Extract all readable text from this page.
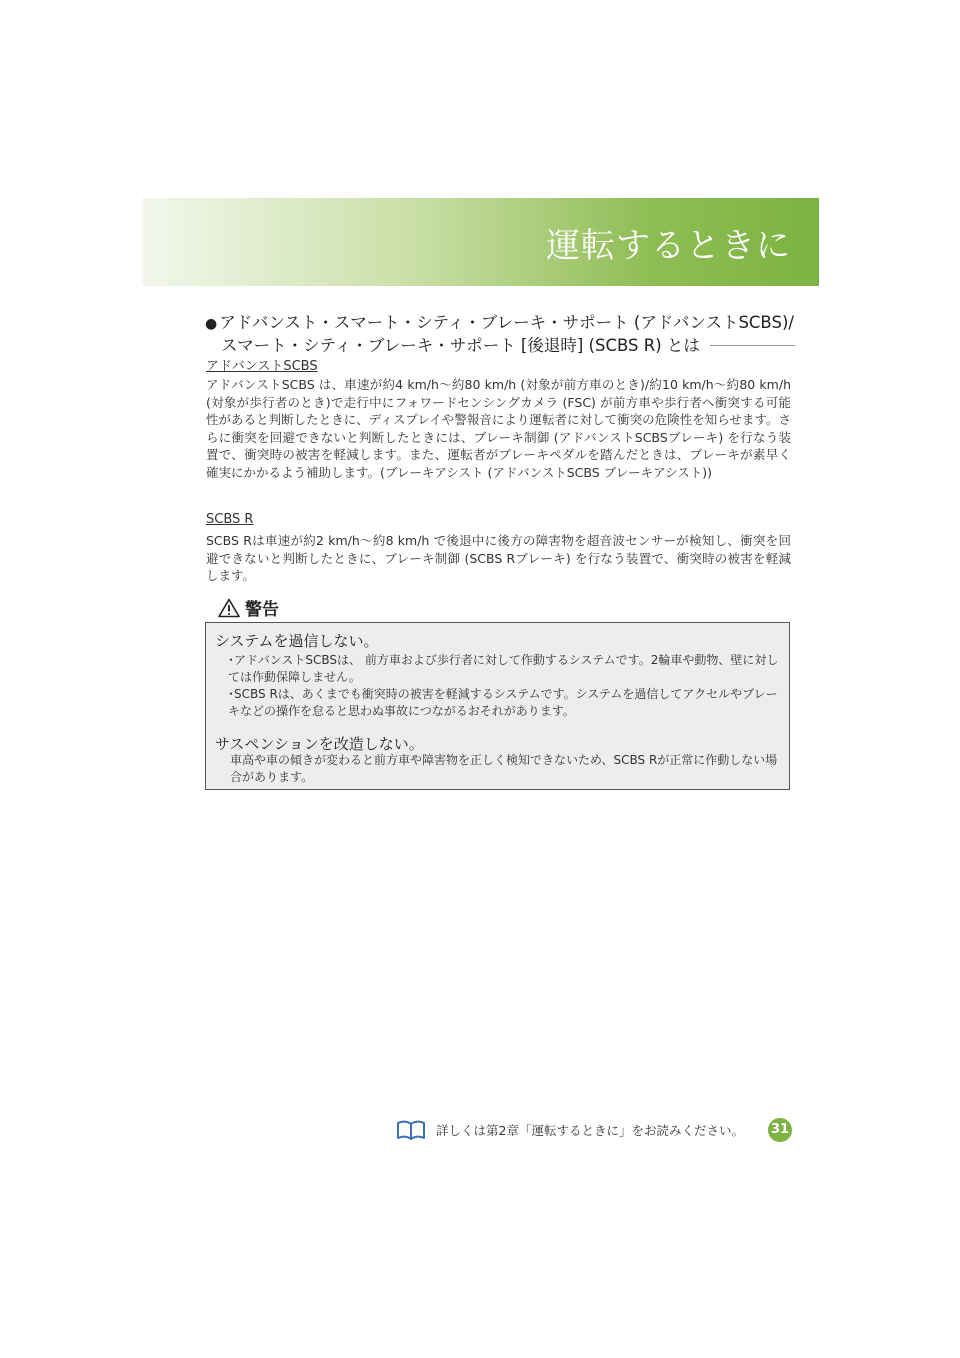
運転するときに
● アドバンスト・スマート・シティ・ブレーキ・サポート (アドバンストSCBS)/
スマート・シティ・ブレーキ・サポート [後退時] (SCBS R) とは
アドバンストSCBS

アドバンストSCBS は、車速が約4 km/h〜約80 km/h (対象が前方車のとき)/約10 km/h〜約80 km/h (対象が歩行者のとき)で走行中にフォワードセンシングカメラ (FSC) が前方車や歩行者へ衝突する可能性があると判断したときに、ディスプレイや警報音により運転者に対して衝突の危険性を知らせます。さらに衝突を回避できないと判断したときには、ブレーキ制御 (アドバンストSCBSブレーキ) を行なう装置で、衝突時の被害を軽減します。また、運転者がブレーキペダルを踏んだときは、ブレーキが素早く確実にかかるよう補助します。(ブレーキアシスト (アドバンストSCBS ブレーキアシスト))

SCBS R

SCBS Rは車速が約2 km/h〜約8 km/h で後退中に後方の障害物を超音波センサーが検知し、衝突を回避できないと判断したときに、ブレーキ制御 (SCBS Rブレーキ) を行なう装置で、衝突時の被害を軽減します。

警告
システムを過信しない。

･アドバンストSCBSは、 前方車および歩行者に対して作動するシステムです。2輪車や動物、壁に対しては作動保障しません。

･SCBS Rは、あくまでも衝突時の被害を軽減するシステムです。システムを過信してアクセルやブレーキなどの操作を怠ると思わぬ事故につながるおそれがあります。

サスペンションを改造しない。

車高や車の傾きが変わると前方車や障害物を正しく検知できないため、SCBS Rが正常に作動しない場合があります。

詳しくは第2章「運転するときに」をお読みください。 31
